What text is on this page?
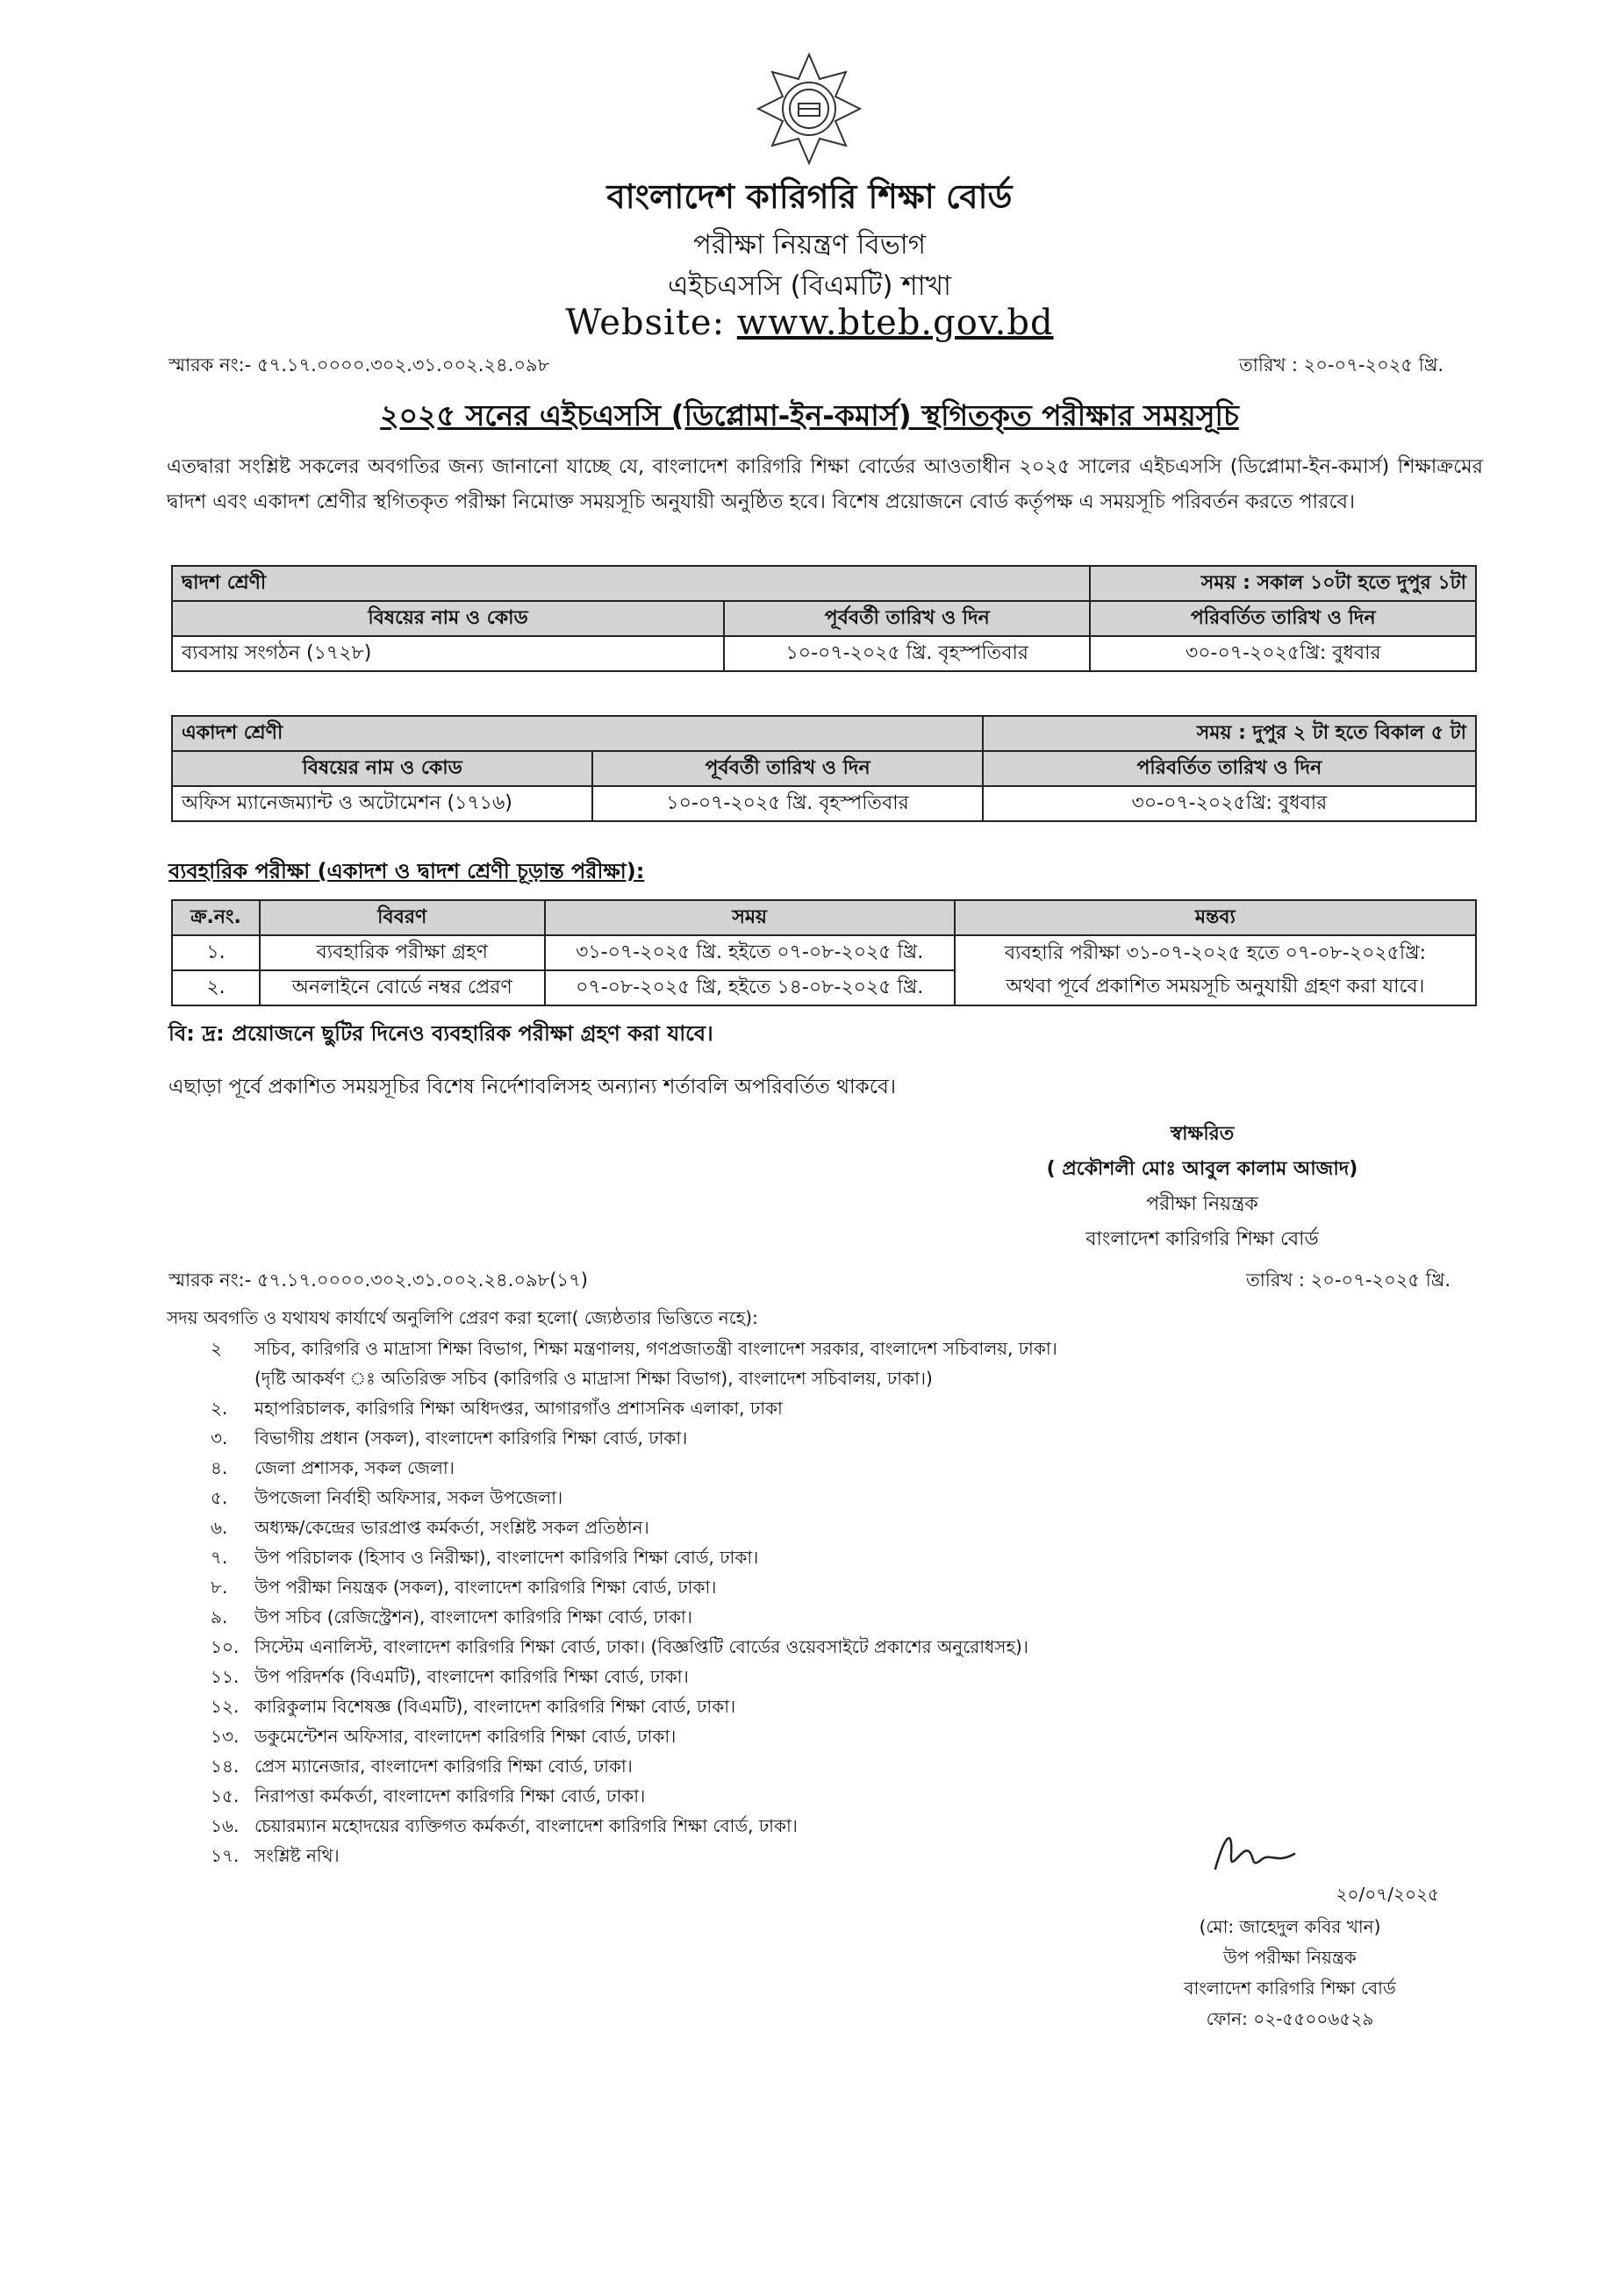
বাংলাদেশ কারিগরি শিক্ষা বোর্ড
পরীক্ষা নিয়ন্ত্রণ বিভাগ
এইচএসসি (বিএমটি) শাখা
Website: www.bteb.gov.bd
স্মারক নং:- ৫৭.১৭.০০০০.৩০২.৩১.০০২.২৪.০৯৮	তারিখ : ২০-০৭-২০২৫ খ্রি.
২০২৫ সনের এইচএসসি (ডিপ্লোমা-ইন-কমার্স) স্থগিতকৃত পরীক্ষার সময়সূচি
এতদ্বারা সংশ্লিষ্ট সকলের অবগতির জন্য জানানো যাচ্ছে যে, বাংলাদেশ কারিগরি শিক্ষা বোর্ডের আওতাধীন ২০২৫ সালের এইচএসসি (ডিপ্লোমা-ইন-কমার্স) শিক্ষাক্রমের দ্বাদশ এবং একাদশ শ্রেণীর স্থগিতকৃত পরীক্ষা নিমোক্ত সময়সূচি অনুযায়ী অনুষ্ঠিত হবে। বিশেষ প্রয়োজনে বোর্ড কর্তৃপক্ষ এ সময়সূচি পরিবর্তন করতে পারবে।
দ্বাদশ শ্রেণী		সময় : সকাল ১০টা হতে দুপুর ১টা
বিষয়ের নাম ও কোড	পূর্ববর্তী তারিখ ও দিন	পরিবর্তিত তারিখ ও দিন
ব্যবসায় সংগঠন (১৭২৮)	১০-০৭-২০২৫ খ্রি. বৃহস্পতিবার	৩০-০৭-২০২৫খ্রি: বুধবার
একাদশ শ্রেণী		সময় : দুপুর ২ টা হতে বিকাল ৫ টা
বিষয়ের নাম ও কোড	পূর্ববর্তী তারিখ ও দিন	পরিবর্তিত তারিখ ও দিন
অফিস ম্যানেজম্যান্ট ও অটোমেশন (১৭১৬)	১০-০৭-২০২৫ খ্রি. বৃহস্পতিবার	৩০-০৭-২০২৫খ্রি: বুধবার
ব্যবহারিক পরীক্ষা (একাদশ ও দ্বাদশ শ্রেণী চূড়ান্ত পরীক্ষা):
ক্র.নং.	বিবরণ	সময়	মন্তব্য
১.	ব্যবহারিক পরীক্ষা গ্রহণ	৩১-০৭-২০২৫ খ্রি. হইতে ০৭-০৮-২০২৫ খ্রি.	ব্যবহারি পরীক্ষা ৩১-০৭-২০২৫ হতে ০৭-০৮-২০২৫খ্রি:
অথবা পূর্বে প্রকাশিত সময়সূচি অনুযায়ী গ্রহণ করা যাবে।

২.	অনলাইনে বোর্ডে নম্বর প্রেরণ	০৭-০৮-২০২৫ খ্রি, হইতে ১৪-০৮-২০২৫ খ্রি.	
বি: দ্র: প্রয়োজনে ছুটির দিনেও ব্যবহারিক পরীক্ষা গ্রহণ করা যাবে।
এছাড়া পূর্বে প্রকাশিত সময়সূচির বিশেষ নির্দেশাবলিসহ অন্যান্য শর্তাবলি অপরিবর্তিত থাকবে।
স্বাক্ষরিত
( প্রকৌশলী মোঃ আবুল কালাম আজাদ)
পরীক্ষা নিয়ন্ত্রক
বাংলাদেশ কারিগরি শিক্ষা বোর্ড
স্মারক নং:- ৫৭.১৭.০০০০.৩০২.৩১.০০২.২৪.০৯৮(১৭)	তারিখ : ২০-০৭-২০২৫ খ্রি.
সদয় অবগতি ও যথাযথ কার্যার্থে অনুলিপি প্রেরণ করা হলো( জ্যেষ্ঠতার ভিত্তিতে নহে):
২ সচিব, কারিগরি ও মাদ্রাসা শিক্ষা বিভাগ, শিক্ষা মন্ত্রণালয়, গণপ্রজাতন্ত্রী বাংলাদেশ সরকার, বাংলাদেশ সচিবালয়, ঢাকা।
(দৃষ্টি আকর্ষণ ঃ অতিরিক্ত সচিব (কারিগরি ও মাদ্রাসা শিক্ষা বিভাগ), বাংলাদেশ সচিবালয়, ঢাকা।)
২. মহাপরিচালক, কারিগরি শিক্ষা অধিদপ্তর, আগারগাঁও প্রশাসনিক এলাকা, ঢাকা
৩. বিভাগীয় প্রধান (সকল), বাংলাদেশ কারিগরি শিক্ষা বোর্ড, ঢাকা।
৪. জেলা প্রশাসক, সকল জেলা।
৫. উপজেলা নির্বাহী অফিসার, সকল উপজেলা।
৬. অধ্যক্ষ/কেন্দ্রের ভারপ্রাপ্ত কর্মকর্তা, সংশ্লিষ্ট সকল প্রতিষ্ঠান।
৭. উপ পরিচালক (হিসাব ও নিরীক্ষা), বাংলাদেশ কারিগরি শিক্ষা বোর্ড, ঢাকা।
৮. উপ পরীক্ষা নিয়ন্ত্রক (সকল), বাংলাদেশ কারিগরি শিক্ষা বোর্ড, ঢাকা।
৯. উপ সচিব (রেজিস্ট্রেশন), বাংলাদেশ কারিগরি শিক্ষা বোর্ড, ঢাকা।
১০. সিস্টেম এনালিস্ট, বাংলাদেশ কারিগরি শিক্ষা বোর্ড, ঢাকা। (বিজ্ঞপ্তিটি বোর্ডের ওয়েবসাইটে প্রকাশের অনুরোধসহ)।
১১. উপ পরিদর্শক (বিএমটি), বাংলাদেশ কারিগরি শিক্ষা বোর্ড, ঢাকা।
১২. কারিকুলাম বিশেষজ্ঞ (বিএমটি), বাংলাদেশ কারিগরি শিক্ষা বোর্ড, ঢাকা।
১৩. ডকুমেন্টেশন অফিসার, বাংলাদেশ কারিগরি শিক্ষা বোর্ড, ঢাকা।
১৪. প্রেস ম্যানেজার, বাংলাদেশ কারিগরি শিক্ষা বোর্ড, ঢাকা।
১৫. নিরাপত্তা কর্মকর্তা, বাংলাদেশ কারিগরি শিক্ষা বোর্ড, ঢাকা।
১৬. চেয়ারম্যান মহোদয়ের ব্যক্তিগত কর্মকর্তা, বাংলাদেশ কারিগরি শিক্ষা বোর্ড, ঢাকা।
১৭. সংশ্লিষ্ট নথি।
২০/০৭/২০২৫
(মো: জাহেদুল কবির খান)
উপ পরীক্ষা নিয়ন্ত্রক
বাংলাদেশ কারিগরি শিক্ষা বোর্ড
ফোন: ০২-৫৫০০৬৫২৯
